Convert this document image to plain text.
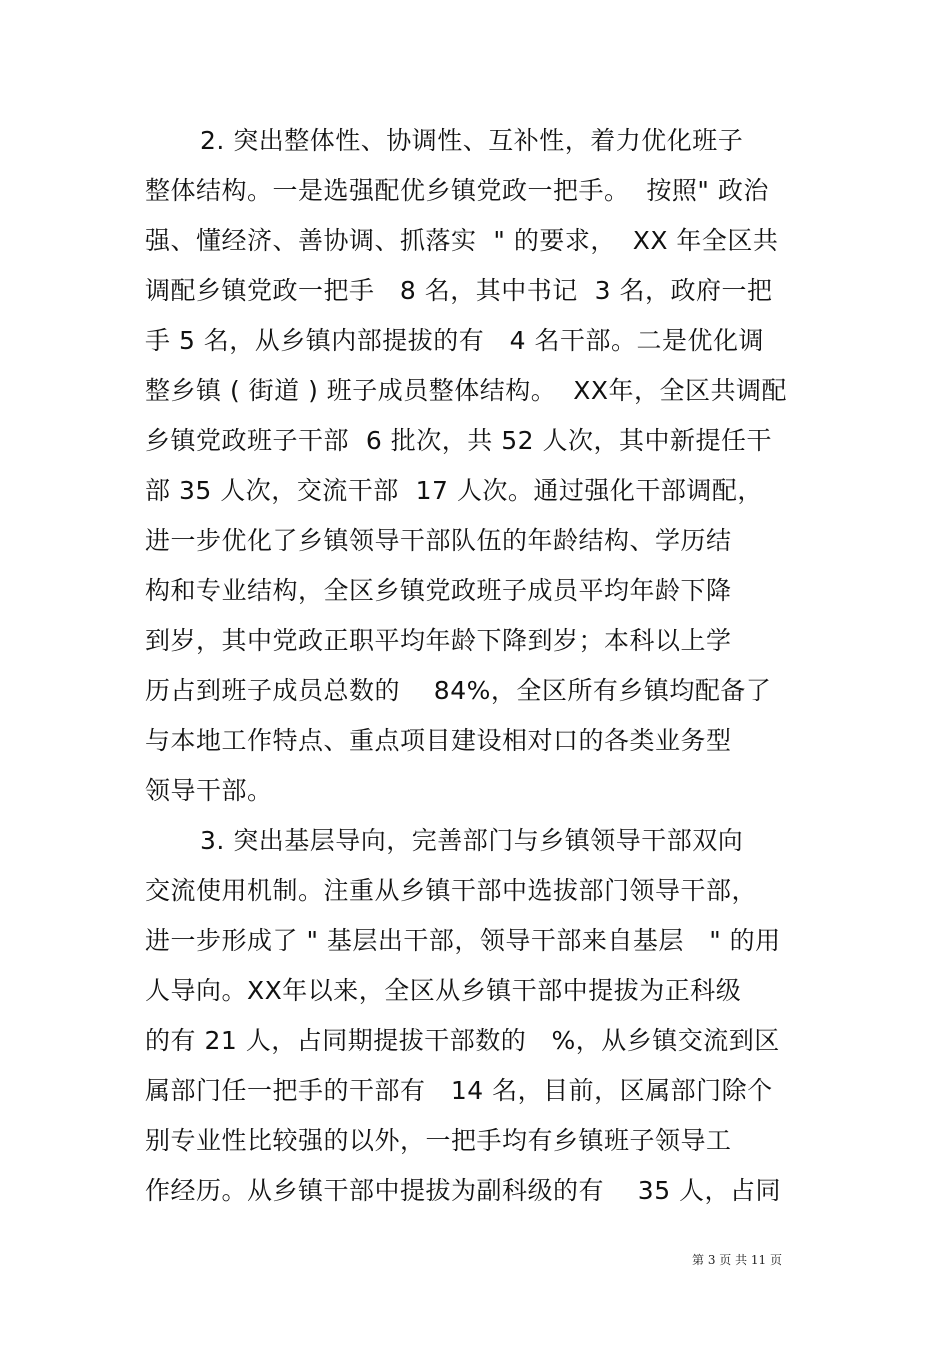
2. 突出整体性、协调性、互补性，着力优化班子
整体结构。一是选强配优乡镇党政一把手。  按照" 政治
强、懂经济、善协调、抓落实  " 的要求，  XX 年全区共
调配乡镇党政一把手   8 名，其中书记  3 名，政府一把
手 5 名，从乡镇内部提拔的有   4 名干部。二是优化调
整乡镇 ( 街道 ) 班子成员整体结构。  XX年，全区共调配
乡镇党政班子干部  6 批次，共 52 人次，其中新提任干
部 35 人次，交流干部  17 人次。通过强化干部调配，
进一步优化了乡镇领导干部队伍的年龄结构、学历结
构和专业结构，全区乡镇党政班子成员平均年龄下降
到岁，其中党政正职平均年龄下降到岁；本科以上学
历占到班子成员总数的    84%，全区所有乡镇均配备了
与本地工作特点、重点项目建设相对口的各类业务型
领导干部。
3. 突出基层导向，完善部门与乡镇领导干部双向
交流使用机制。注重从乡镇干部中选拔部门领导干部，
进一步形成了 " 基层出干部，领导干部来自基层   " 的用
人导向。XX年以来，全区从乡镇干部中提拔为正科级
的有 21 人，占同期提拔干部数的   %，从乡镇交流到区
属部门任一把手的干部有   14 名，目前，区属部门除个
别专业性比较强的以外，一把手均有乡镇班子领导工
作经历。从乡镇干部中提拔为副科级的有    35 人，占同
第 3 页 共 11 页
